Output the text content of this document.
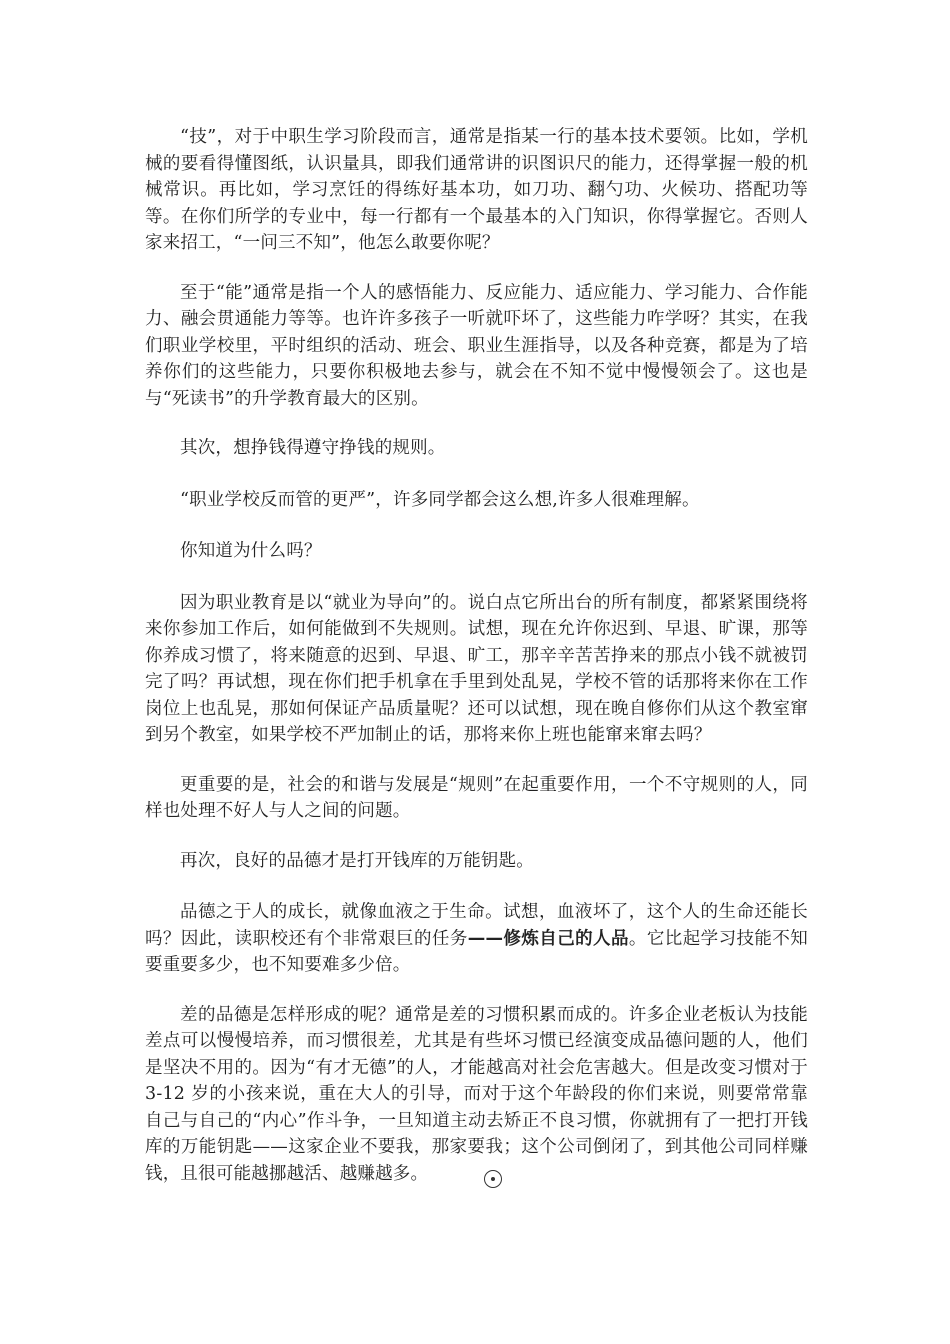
“技”，对于中职生学习阶段而言，通常是指某一行的基本技术要领。比如，学机械的要看得懂图纸，认识量具，即我们通常讲的识图识尺的能力，还得掌握一般的机械常识。再比如，学习烹饪的得练好基本功，如刀功、翻勺功、火候功、搭配功等等。在你们所学的专业中，每一行都有一个最基本的入门知识，你得掌握它。否则人家来招工，“一问三不知”，他怎么敢要你呢？

至于“能”通常是指一个人的感悟能力、反应能力、适应能力、学习能力、合作能力、融会贯通能力等等。也许许多孩子一听就吓坏了，这些能力咋学呀？其实，在我们职业学校里，平时组织的活动、班会、职业生涯指导，以及各种竞赛，都是为了培养你们的这些能力，只要你积极地去参与，就会在不知不觉中慢慢领会了。这也是与“死读书”的升学教育最大的区别。

其次，想挣钱得遵守挣钱的规则。

“职业学校反而管的更严”，许多同学都会这么想,许多人很难理解。

你知道为什么吗？

因为职业教育是以“就业为导向”的。说白点它所出台的所有制度，都紧紧围绕将来你参加工作后，如何能做到不失规则。试想，现在允许你迟到、早退、旷课，那等你养成习惯了，将来随意的迟到、早退、旷工，那辛辛苦苦挣来的那点小钱不就被罚完了吗？再试想，现在你们把手机拿在手里到处乱晃，学校不管的话那将来你在工作岗位上也乱晃，那如何保证产品质量呢？还可以试想，现在晚自修你们从这个教室窜到另个教室，如果学校不严加制止的话，那将来你上班也能窜来窜去吗？

更重要的是，社会的和谐与发展是“规则”在起重要作用，一个不守规则的人，同样也处理不好人与人之间的问题。

再次，良好的品德才是打开钱库的万能钥匙。

品德之于人的成长，就像血液之于生命。试想，血液坏了，这个人的生命还能长吗？因此，读职校还有个非常艰巨的任务——修炼自己的人品。它比起学习技能不知要重要多少，也不知要难多少倍。

差的品德是怎样形成的呢？通常是差的习惯积累而成的。许多企业老板认为技能差点可以慢慢培养，而习惯很差，尤其是有些坏习惯已经演变成品德问题的人，他们是坚决不用的。因为“有才无德”的人，才能越高对社会危害越大。但是改变习惯对于 3-12 岁的小孩来说，重在大人的引导，而对于这个年龄段的你们来说，则要常常靠自己与自己的“内心”作斗争，一旦知道主动去矫正不良习惯，你就拥有了一把打开钱库的万能钥匙——这家企业不要我，那家要我；这个公司倒闭了，到其他公司同样赚钱，且很可能越挪越活、越赚越多。
